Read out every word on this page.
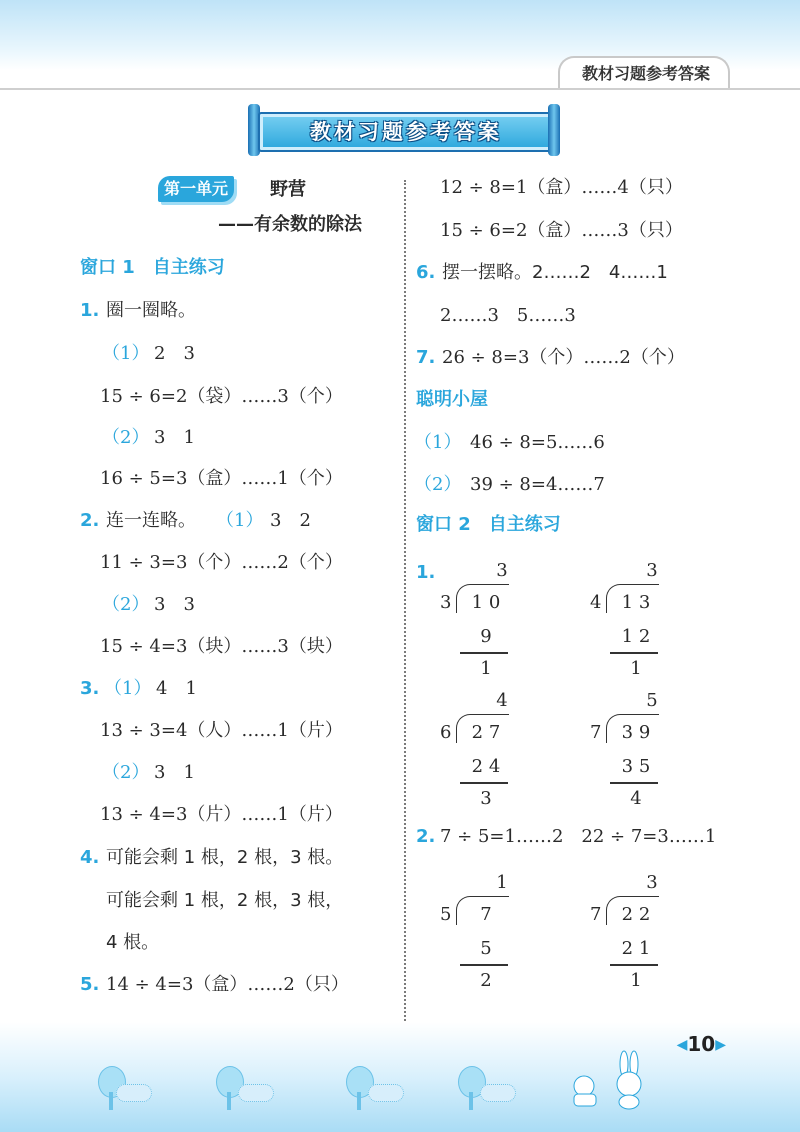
教材习题参考答案
教材习题参考答案
第一单元	野营
——有余数的除法
窗口 1　自主练习
1. 圈一圈略。
（1） 2　3
15 ÷ 6=2（袋）……3（个）
（2） 3　1
16 ÷ 5=3（盒）……1（个）
2. 连一连略。 （1） 3　2
11 ÷ 3=3（个）……2（个）
（2） 3　3
15 ÷ 4=3（块）……3（块）
3. （1） 4　1
13 ÷ 3=4（人）……1（片）
（2） 3　1
13 ÷ 4=3（片）……1（片）
4. 可能会剩 1 根，2 根，3 根。
可能会剩 1 根，2 根，3 根，
4 根。
5. 14 ÷ 4=3（盒）……2（只）
12 ÷ 8=1（盒）……4（只）
15 ÷ 6=2（盒）……3（只）
6. 摆一摆略。2……2　4……1
2……3　5……3
7. 26 ÷ 8=3（个）……2（个）
聪明小屋
（1） 46 ÷ 8=5……6
（2） 39 ÷ 8=4……7
窗口 2　自主练习
1.	3
3	1 0
9
1
3
4	1 3
1 2
1
4
6	2 7
2 4
3
5
7	3 9
3 5
4
1
5	7
5
2
3
7	2 2
2 1
1
2. 7 ÷ 5=1……2　22 ÷ 7=3……1
◀10▶
